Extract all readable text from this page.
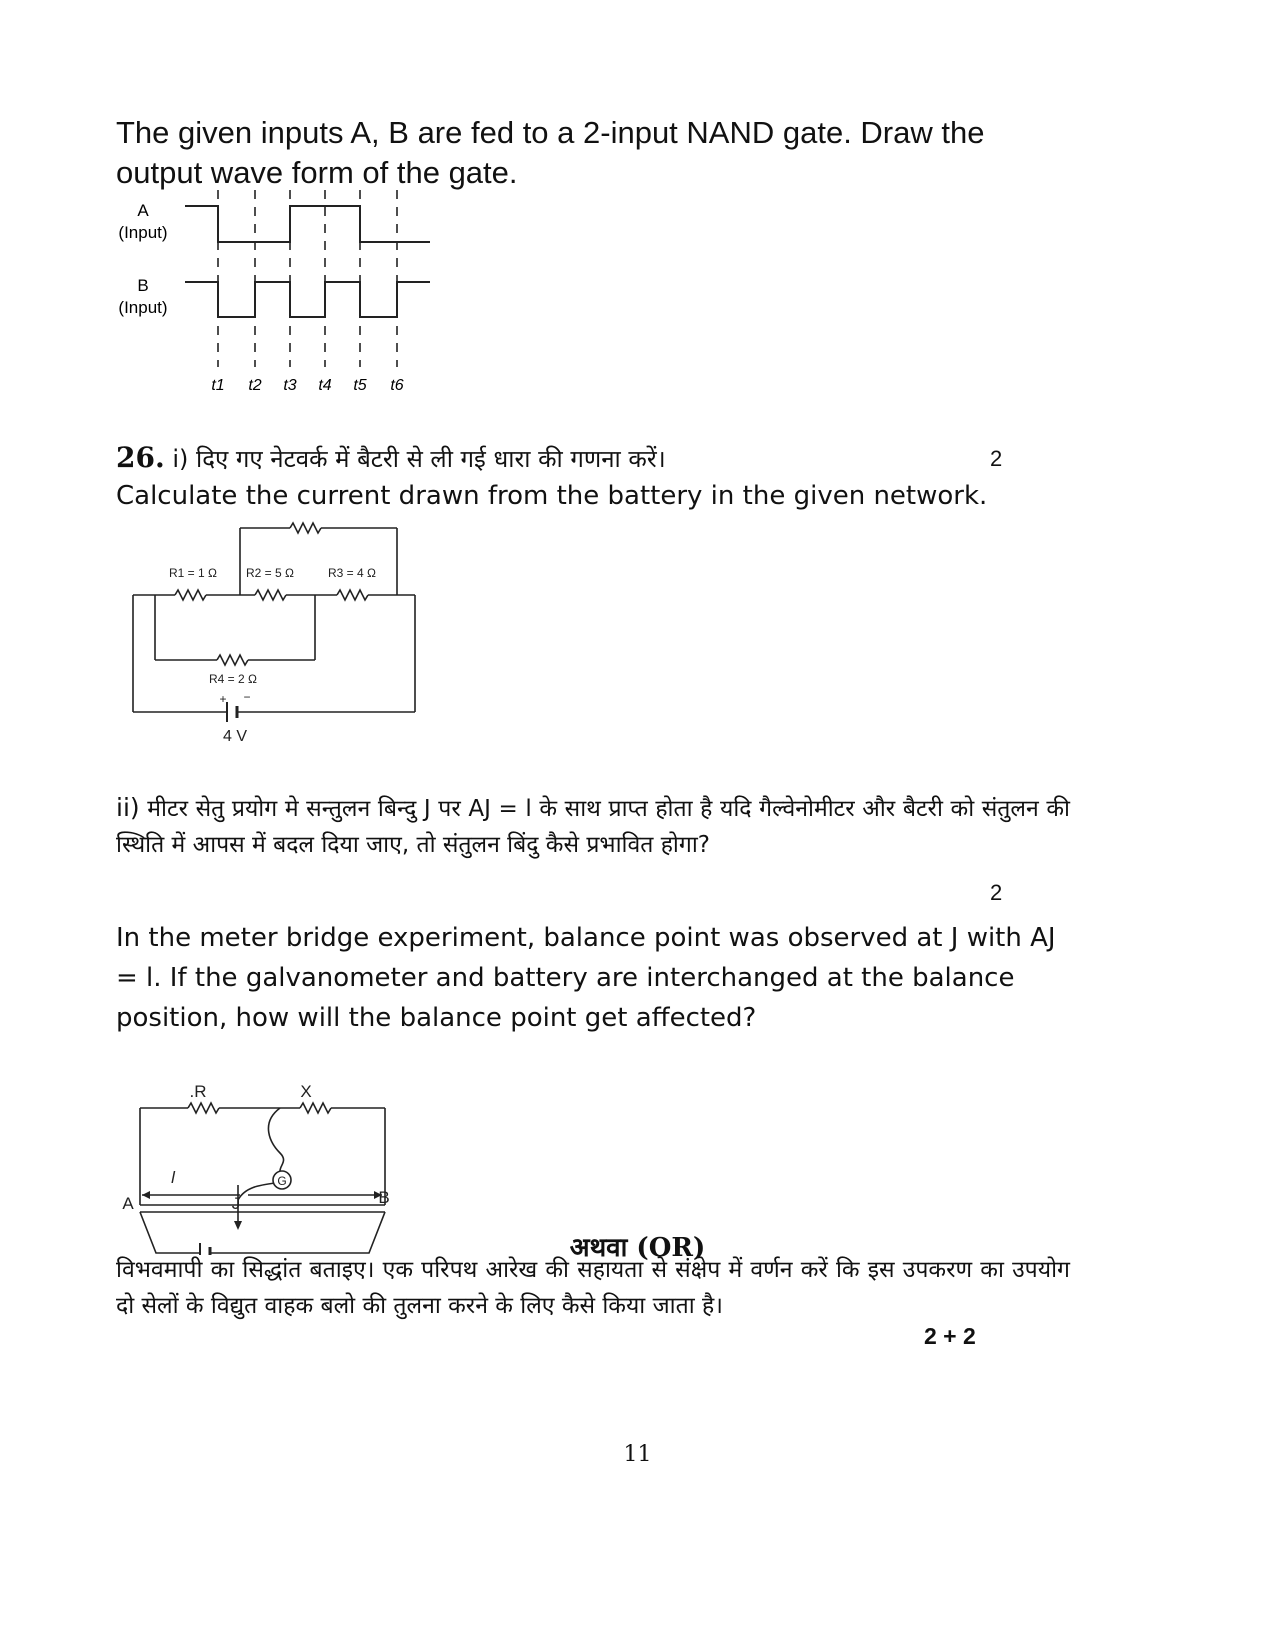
The given inputs A, B are fed to a 2-input NAND gate. Draw the output wave form of the gate.
A
(Input)
B
(Input)
t1 t2 t3 t4 t5 t6
26. i) दिए गए नेटवर्क में बैटरी से ली गई धारा की गणना करें।	2
Calculate the current drawn from the battery in the given network.
R1 = 1 Ω R2 = 5 Ω	R3 = 4 Ω
R4 = 2 Ω
+ −
4 V
ii) मीटर सेतु प्रयोग मे सन्तुलन बिन्दु J पर AJ = l के साथ प्राप्त होता है यदि गैल्वेनोमीटर और बैटरी को संतुलन की स्थिति में आपस में बदल दिया जाए, तो संतुलन बिंदु कैसे प्रभावित होगा?
2
In the meter bridge experiment, balance point was observed at J with AJ = l. If the galvanometer and battery are interchanged at the balance position, how will the balance point get affected?
G
.R	X
l
A	J	B
अथवा (OR)
विभवमापी का सिद्धांत बताइए। एक परिपथ आरेख की सहायता से संक्षेप में वर्णन करें कि इस उपकरण का उपयोग दो सेलों के विद्युत वाहक बलो की तुलना करने के लिए कैसे किया जाता है।
2 + 2
11
